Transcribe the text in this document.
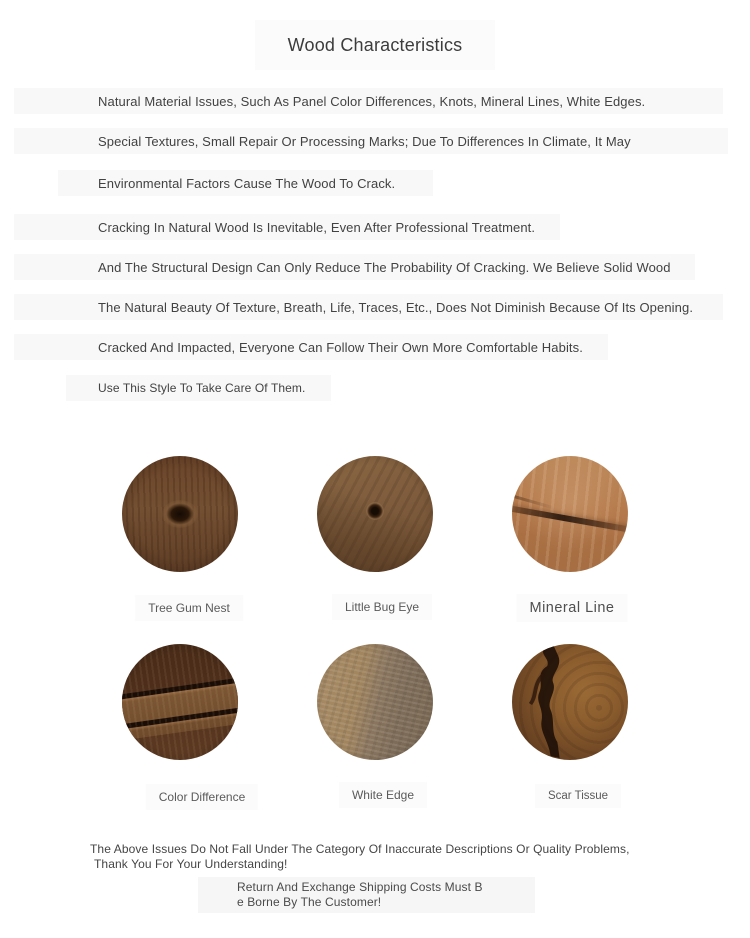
Wood Characteristics
Natural Material Issues, Such As Panel Color Differences, Knots, Mineral Lines, White Edges.
Special Textures, Small Repair Or Processing Marks; Due To Differences In Climate, It May
Environmental Factors Cause The Wood To Crack.
Cracking In Natural Wood Is Inevitable, Even After Professional Treatment.
And The Structural Design Can Only Reduce The Probability Of Cracking. We Believe Solid Wood
The Natural Beauty Of Texture, Breath, Life, Traces, Etc., Does Not Diminish Because Of Its Opening.
Cracked And Impacted, Everyone Can Follow Their Own More Comfortable Habits.
Use This Style To Take Care Of Them.
Tree Gum Nest	Little Bug Eye	Mineral Line
Color Difference	White Edge	Scar Tissue
The Above Issues Do Not Fall Under The Category Of Inaccurate Descriptions Or Quality Problems,
Thank You For Your Understanding!
Return And Exchange Shipping Costs Must B
e Borne By The Customer!
